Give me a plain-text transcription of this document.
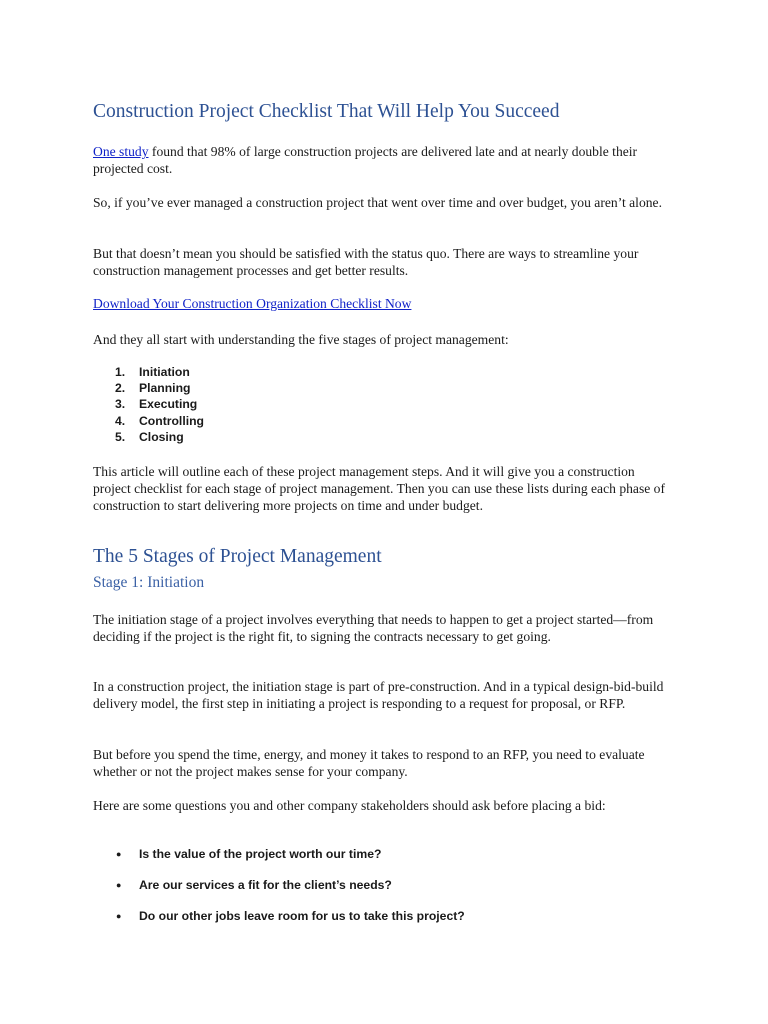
Construction Project Checklist That Will Help You Succeed

One study found that 98% of large construction projects are delivered late and at nearly double their projected cost.

So, if you’ve ever managed a construction project that went over time and over budget, you aren’t alone.

But that doesn’t mean you should be satisfied with the status quo. There are ways to streamline your construction management processes and get better results.

Download Your Construction Organization Checklist Now

And they all start with understanding the five stages of project management:

1. Initiation
2. Planning
3. Executing
4. Controlling
5. Closing

This article will outline each of these project management steps. And it will give you a construction project checklist for each stage of project management. Then you can use these lists during each phase of construction to start delivering more projects on time and under budget.

The 5 Stages of Project Management
Stage 1: Initiation

The initiation stage of a project involves everything that needs to happen to get a project started—from deciding if the project is the right fit, to signing the contracts necessary to get going.

In a construction project, the initiation stage is part of pre-construction. And in a typical design-bid-build delivery model, the first step in initiating a project is responding to a request for proposal, or RFP.

But before you spend the time, energy, and money it takes to respond to an RFP, you need to evaluate whether or not the project makes sense for your company.

Here are some questions you and other company stakeholders should ask before placing a bid:

● Is the value of the project worth our time?
● Are our services a fit for the client’s needs?
● Do our other jobs leave room for us to take this project?
